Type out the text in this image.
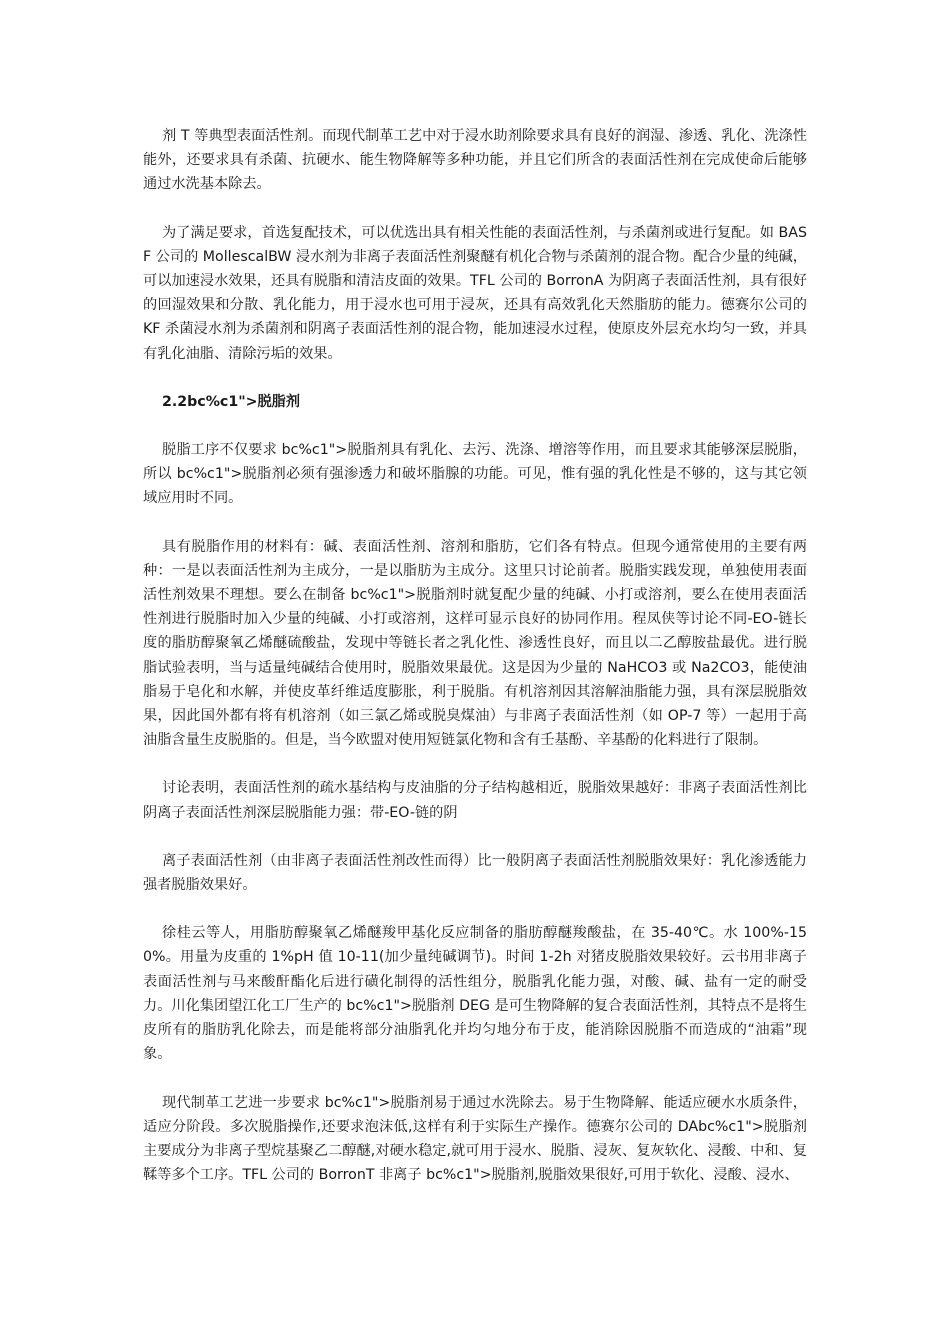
剂 T 等典型表面活性剂。而现代制革工艺中对于浸水助剂除要求具有良好的润湿、渗透、乳化、洗涤性能外，还要求具有杀菌、抗硬水、能生物降解等多种功能，并且它们所含的表面活性剂在完成使命后能够通过水洗基本除去。

为了满足要求，首选复配技术，可以优选出具有相关性能的表面活性剂，与杀菌剂或进行复配。如 BASF 公司的 MollescalBW 浸水剂为非离子表面活性剂聚醚有机化合物与杀菌剂的混合物。配合少量的纯碱，可以加速浸水效果，还具有脱脂和清洁皮面的效果。TFL 公司的 BorronA 为阴离子表面活性剂，具有很好的回湿效果和分散、乳化能力，用于浸水也可用于浸灰，还具有高效乳化天然脂肪的能力。德赛尔公司的 KF 杀菌浸水剂为杀菌剂和阴离子表面活性剂的混合物，能加速浸水过程，使原皮外层充水均匀一致，并具有乳化油脂、清除污垢的效果。

2.2bc%c1">脱脂剂

脱脂工序不仅要求 bc%c1">脱脂剂具有乳化、去污、洗涤、增溶等作用，而且要求其能够深层脱脂，所以 bc%c1">脱脂剂必须有强渗透力和破坏脂腺的功能。可见，惟有强的乳化性是不够的，这与其它领域应用时不同。

具有脱脂作用的材料有：碱、表面活性剂、溶剂和脂肪，它们各有特点。但现今通常使用的主要有两种：一是以表面活性剂为主成分，一是以脂肪为主成分。这里只讨论前者。脱脂实践发现，单独使用表面活性剂效果不理想。要么在制备 bc%c1">脱脂剂时就复配少量的纯碱、小打或溶剂，要么在使用表面活性剂进行脱脂时加入少量的纯碱、小打或溶剂，这样可显示良好的协同作用。程凤侠等讨论不同-EO-链长度的脂肪醇聚氧乙烯醚硫酸盐，发现中等链长者之乳化性、渗透性良好，而且以二乙醇胺盐最优。进行脱脂试验表明，当与适量纯碱结合使用时，脱脂效果最优。这是因为少量的 NaHCO3 或 Na2CO3，能使油脂易于皂化和水解，并使皮革纤维适度膨胀，利于脱脂。有机溶剂因其溶解油脂能力强，具有深层脱脂效果，因此国外都有将有机溶剂（如三氯乙烯或脱臭煤油）与非离子表面活性剂（如 OP-7 等）一起用于高油脂含量生皮脱脂的。但是，当今欧盟对使用短链氯化物和含有壬基酚、辛基酚的化料进行了限制。

讨论表明，表面活性剂的疏水基结构与皮油脂的分子结构越相近，脱脂效果越好：非离子表面活性剂比阴离子表面活性剂深层脱脂能力强：带-EO-链的阴

离子表面活性剂（由非离子表面活性剂改性而得）比一般阴离子表面活性剂脱脂效果好：乳化渗透能力强者脱脂效果好。

徐桂云等人，用脂肪醇聚氧乙烯醚羧甲基化反应制备的脂肪醇醚羧酸盐，在 35-40℃。水 100%-150%。用量为皮重的 1%pH 值 10-11(加少量纯碱调节)。时间 1-2h 对猪皮脱脂效果较好。云书用非离子表面活性剂与马来酸酐酯化后进行磺化制得的活性组分，脱脂乳化能力强，对酸、碱、盐有一定的耐受力。川化集团望江化工厂生产的 bc%c1">脱脂剂 DEG 是可生物降解的复合表面活性剂，其特点不是将生皮所有的脂肪乳化除去，而是能将部分油脂乳化并均匀地分布于皮，能消除因脱脂不而造成的“油霜”现象。

现代制革工艺进一步要求 bc%c1">脱脂剂易于通过水洗除去。易于生物降解、能适应硬水水质条件，适应分阶段。多次脱脂操作,还要求泡沫低,这样有利于实际生产操作。德赛尔公司的 DAbc%c1">脱脂剂主要成分为非离子型烷基聚乙二醇醚,对硬水稳定,就可用于浸水、脱脂、浸灰、复灰软化、浸酸、中和、复鞣等多个工序。TFL 公司的 BorronT 非离子 bc%c1">脱脂剂,脱脂效果很好,可用于软化、浸酸、浸水、
